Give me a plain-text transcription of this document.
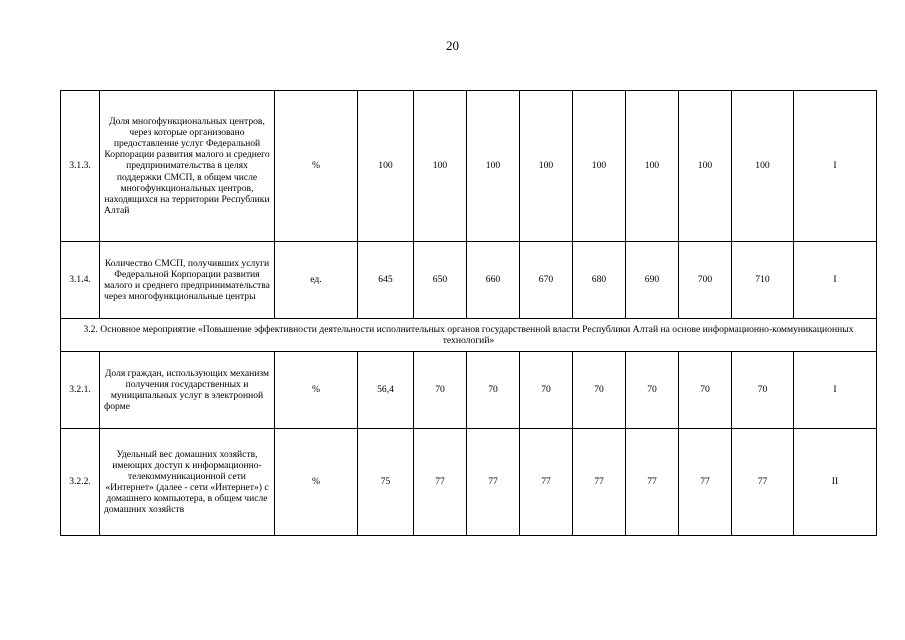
20
3.1.3.	Доля многофункциональных центров, через которые организовано предоставление услуг Федеральной Корпорации развития малого и среднего предпринимательства в целях поддержки СМСП, в общем числе многофункциональных центров, находящихся на территории Республики Алтай	%	100	100	100	100	100	100	100	100	I
3.1.4.	Количество СМСП, получивших услуги Федеральной Корпорации развития малого и среднего предпринимательства через многофункциональные центры	ед.	645	650	660	670	680	690	700	710	I
3.2. Основное мероприятие «Повышение эффективности деятельности исполнительных органов государственной власти Республики Алтай на основе информационно-коммуникационных технологий»											
3.2.1.	Доля граждан, использующих механизм получения государственных и муниципальных услуг в электронной форме	%	56,4	70	70	70	70	70	70	70	I
3.2.2.	Удельный вес домашних хозяйств, имеющих доступ к информационно-телекоммуникационной сети «Интернет» (далее - сети «Интернет») с домашнего компьютера, в общем числе домашних хозяйств	%	75	77	77	77	77	77	77	77	II
